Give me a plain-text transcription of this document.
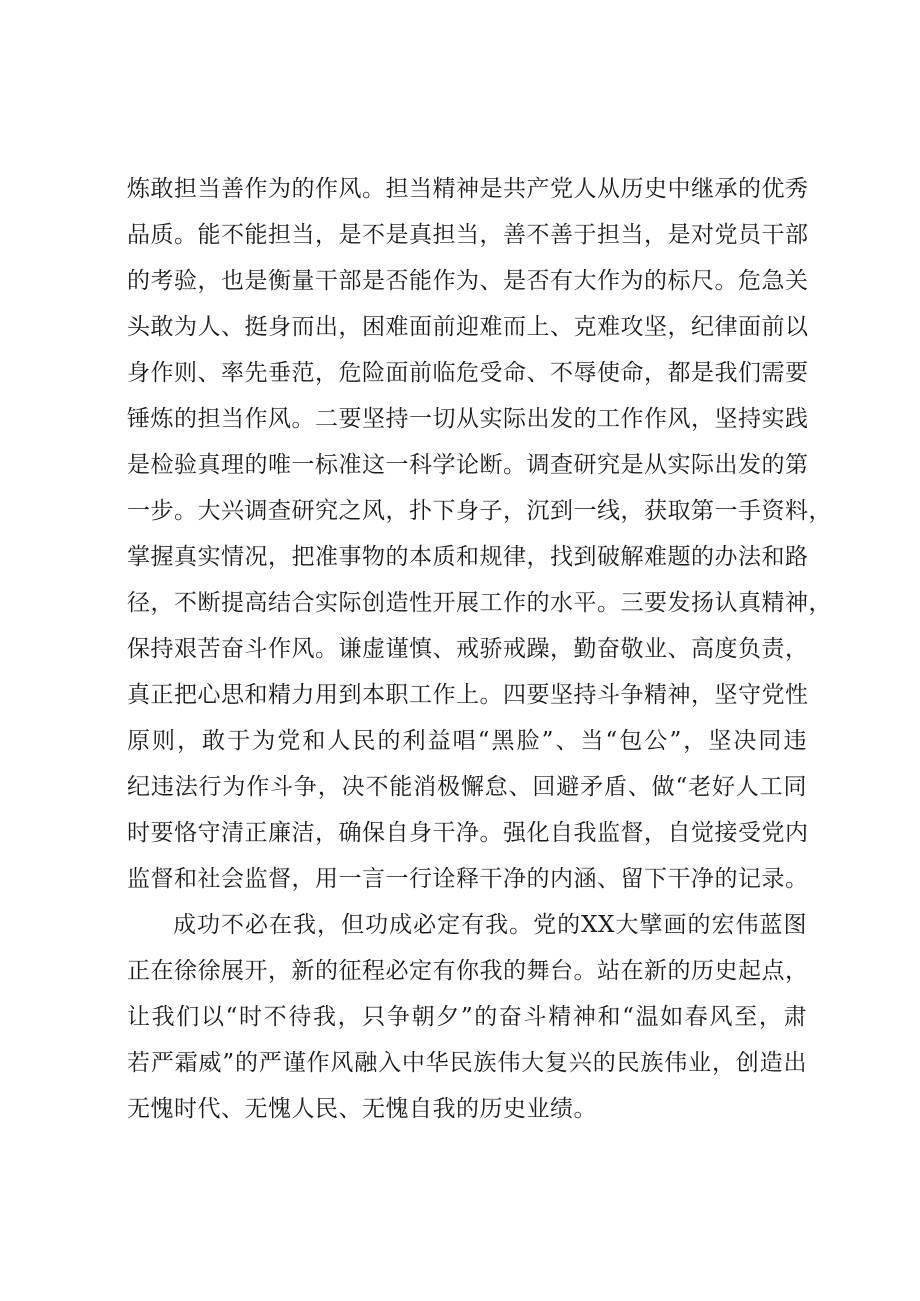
炼敢担当善作为的作风。担当精神是共产党人从历史中继承的优秀
品质。能不能担当，是不是真担当，善不善于担当，是对党员干部
的考验，也是衡量干部是否能作为、是否有大作为的标尺。危急关
头敢为人、挺身而出，困难面前迎难而上、克难攻坚，纪律面前以
身作则、率先垂范，危险面前临危受命、不辱使命，都是我们需要
锤炼的担当作风。二要坚持一切从实际出发的工作作风，坚持实践
是检验真理的唯一标准这一科学论断。调查研究是从实际出发的第
一步。大兴调查研究之风，扑下身子，沉到一线，获取第一手资料，
掌握真实情况，把准事物的本质和规律，找到破解难题的办法和路
径，不断提高结合实际创造性开展工作的水平。三要发扬认真精神，
保持艰苦奋斗作风。谦虚谨慎、戒骄戒躁，勤奋敬业、高度负责，
真正把心思和精力用到本职工作上。四要坚持斗争精神，坚守党性
原则，敢于为党和人民的利益唱“黑脸”、当“包公”，坚决同违
纪违法行为作斗争，决不能消极懈怠、回避矛盾、做“老好人工同
时要恪守清正廉洁，确保自身干净。强化自我监督，自觉接受党内
监督和社会监督，用一言一行诠释干净的内涵、留下干净的记录。
成功不必在我，但功成必定有我。党的XX大擘画的宏伟蓝图
正在徐徐展开，新的征程必定有你我的舞台。站在新的历史起点，
让我们以“时不待我，只争朝夕”的奋斗精神和“温如春风至，肃
若严霜威”的严谨作风融入中华民族伟大复兴的民族伟业，创造出
无愧时代、无愧人民、无愧自我的历史业绩。
